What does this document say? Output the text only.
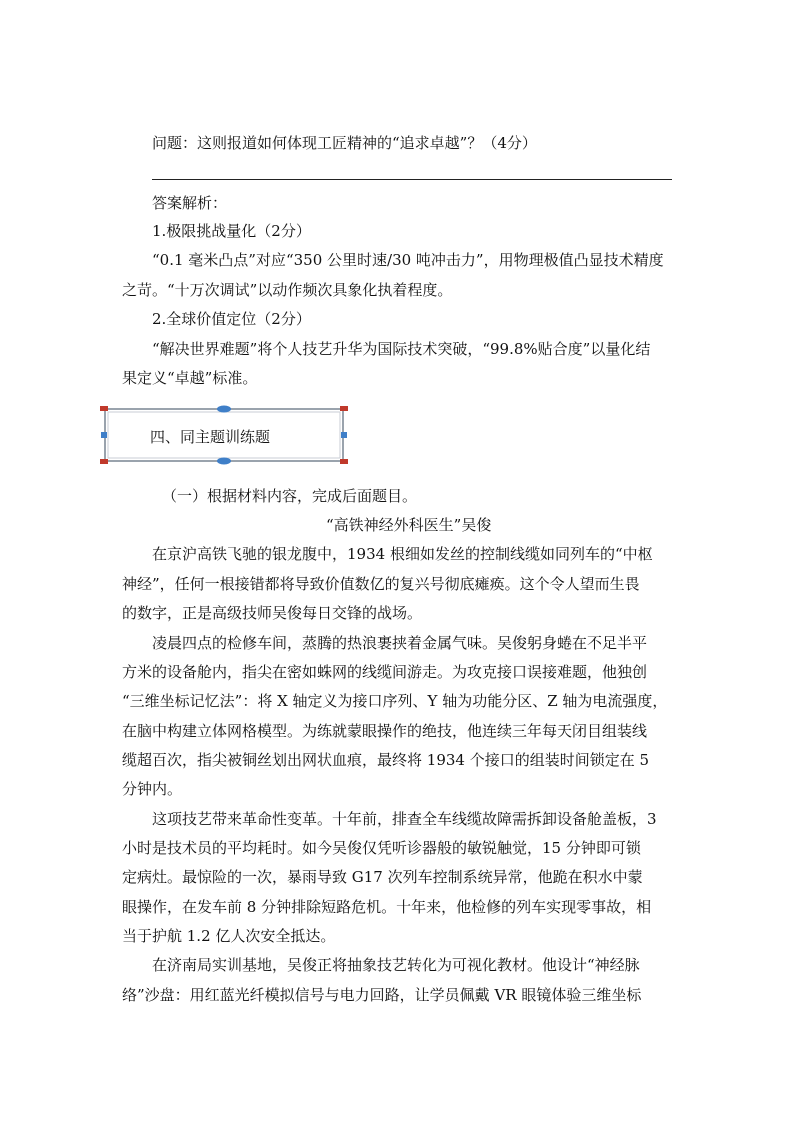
问题：这则报道如何体现工匠精神的“追求卓越”？（4分）
答案解析：
1.极限挑战量化（2分）
“0.1 毫米凸点”对应“350 公里时速/30 吨冲击力”，用物理极值凸显技术精度
之苛。“十万次调试”以动作频次具象化执着程度。
2.全球价值定位（2分）
“解决世界难题”将个人技艺升华为国际技术突破，“99.8%贴合度”以量化结
果定义“卓越”标准。
四、同主题训练题
（一）根据材料内容，完成后面题目。
“高铁神经外科医生”吴俊
在京沪高铁飞驰的银龙腹中，1934 根细如发丝的控制线缆如同列车的“中枢
神经”，任何一根接错都将导致价值数亿的复兴号彻底瘫痪。这个令人望而生畏
的数字，正是高级技师吴俊每日交锋的战场。
凌晨四点的检修车间，蒸腾的热浪裹挟着金属气味。吴俊躬身蜷在不足半平
方米的设备舱内，指尖在密如蛛网的线缆间游走。为攻克接口误接难题，他独创
“三维坐标记忆法”：将 X 轴定义为接口序列、Y 轴为功能分区、Z 轴为电流强度，
在脑中构建立体网格模型。为练就蒙眼操作的绝技，他连续三年每天闭目组装线
缆超百次，指尖被铜丝划出网状血痕，最终将 1934 个接口的组装时间锁定在 5
分钟内。
这项技艺带来革命性变革。十年前，排查全车线缆故障需拆卸设备舱盖板，3
小时是技术员的平均耗时。如今吴俊仅凭听诊器般的敏锐触觉，15 分钟即可锁
定病灶。最惊险的一次，暴雨导致 G17 次列车控制系统异常，他跪在积水中蒙
眼操作，在发车前 8 分钟排除短路危机。十年来，他检修的列车实现零事故，相
当于护航 1.2 亿人次安全抵达。
在济南局实训基地，吴俊正将抽象技艺转化为可视化教材。他设计“神经脉
络”沙盘：用红蓝光纤模拟信号与电力回路，让学员佩戴 VR 眼镜体验三维坐标
